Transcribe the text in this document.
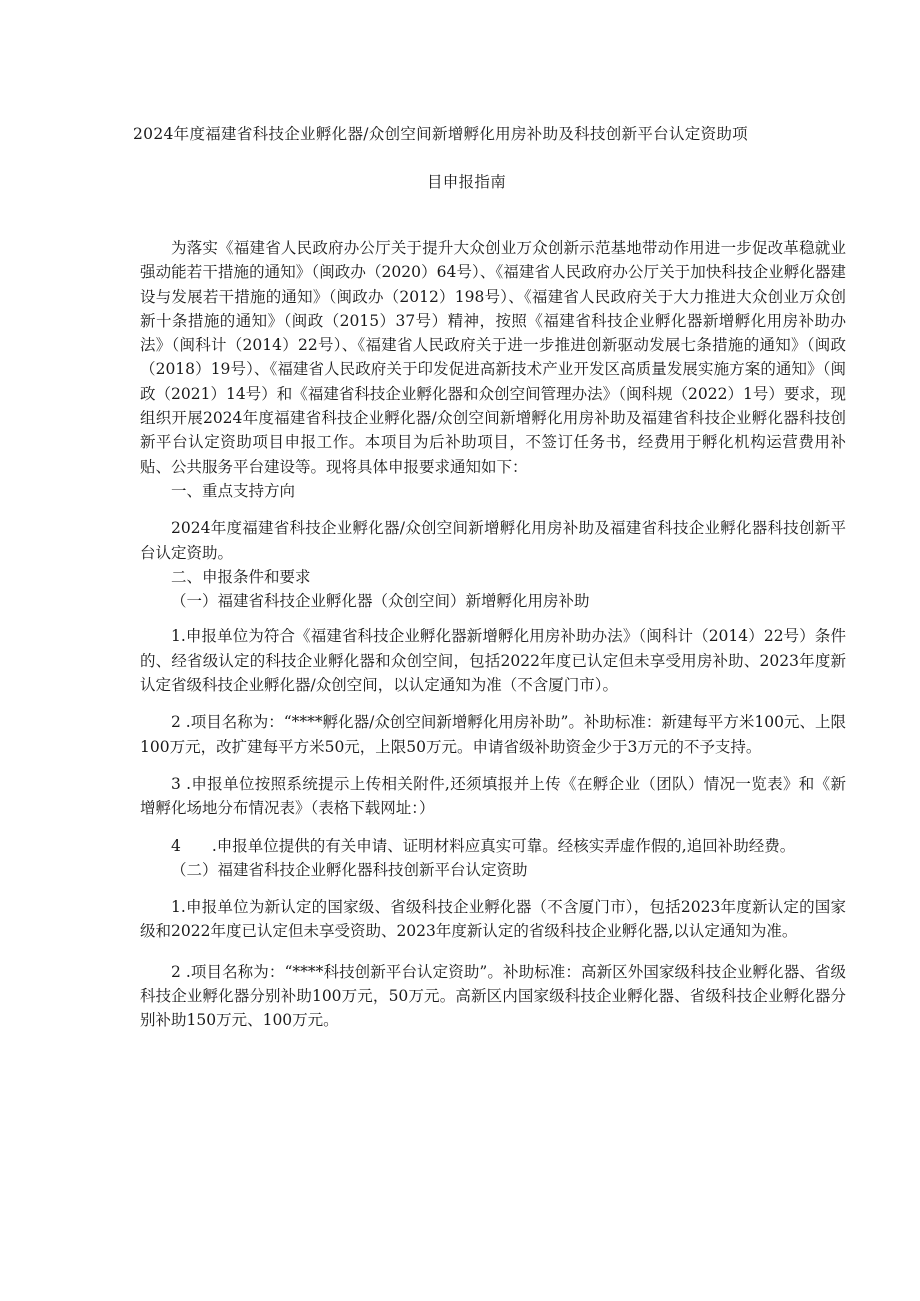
2024年度福建省科技企业孵化器/众创空间新增孵化用房补助及科技创新平台认定资助项
目申报指南

为落实《福建省人民政府办公厅关于提升大众创业万众创新示范基地带动作用进一步促改革稳就业强动能若干措施的通知》（闽政办（2020）64号）、《福建省人民政府办公厅关于加快科技企业孵化器建设与发展若干措施的通知》（闽政办（2012）198号）、《福建省人民政府关于大力推进大众创业万众创新十条措施的通知》（闽政（2015）37号）精神，按照《福建省科技企业孵化器新增孵化用房补助办法》（闽科计（2014）22号）、《福建省人民政府关于进一步推进创新驱动发展七条措施的通知》（闽政（2018）19号）、《福建省人民政府关于印发促进高新技术产业开发区高质量发展实施方案的通知》（闽政（2021）14号）和《福建省科技企业孵化器和众创空间管理办法》（闽科规（2022）1号）要求，现组织开展2024年度福建省科技企业孵化器/众创空间新增孵化用房补助及福建省科技企业孵化器科技创新平台认定资助项目申报工作。本项目为后补助项目，不签订任务书，经费用于孵化机构运营费用补贴、公共服务平台建设等。现将具体申报要求通知如下：

一、重点支持方向

2024年度福建省科技企业孵化器/众创空间新增孵化用房补助及福建省科技企业孵化器科技创新平台认定资助。

二、申报条件和要求

（一）福建省科技企业孵化器（众创空间）新增孵化用房补助

1.申报单位为符合《福建省科技企业孵化器新增孵化用房补助办法》（闽科计（2014）22号）条件的、经省级认定的科技企业孵化器和众创空间，包括2022年度已认定但未享受用房补助、2023年度新认定省级科技企业孵化器/众创空间，以认定通知为准（不含厦门市）。

2 .项目名称为：“****孵化器/众创空间新增孵化用房补助”。补助标准：新建每平方米100元、上限100万元，改扩建每平方米50元，上限50万元。申请省级补助资金少于3万元的不予支持。

3 .申报单位按照系统提示上传相关附件,还须填报并上传《在孵企业（团队）情况一览表》和《新增孵化场地分布情况表》（表格下载网址：）

4　　.申报单位提供的有关申请、证明材料应真实可靠。经核实弄虚作假的,追回补助经费。

（二）福建省科技企业孵化器科技创新平台认定资助

1.申报单位为新认定的国家级、省级科技企业孵化器（不含厦门市），包括2023年度新认定的国家级和2022年度已认定但未享受资助、2023年度新认定的省级科技企业孵化器,以认定通知为准。

2 .项目名称为：“****科技创新平台认定资助”。补助标准：高新区外国家级科技企业孵化器、省级科技企业孵化器分别补助100万元，50万元。高新区内国家级科技企业孵化器、省级科技企业孵化器分别补助150万元、100万元。
